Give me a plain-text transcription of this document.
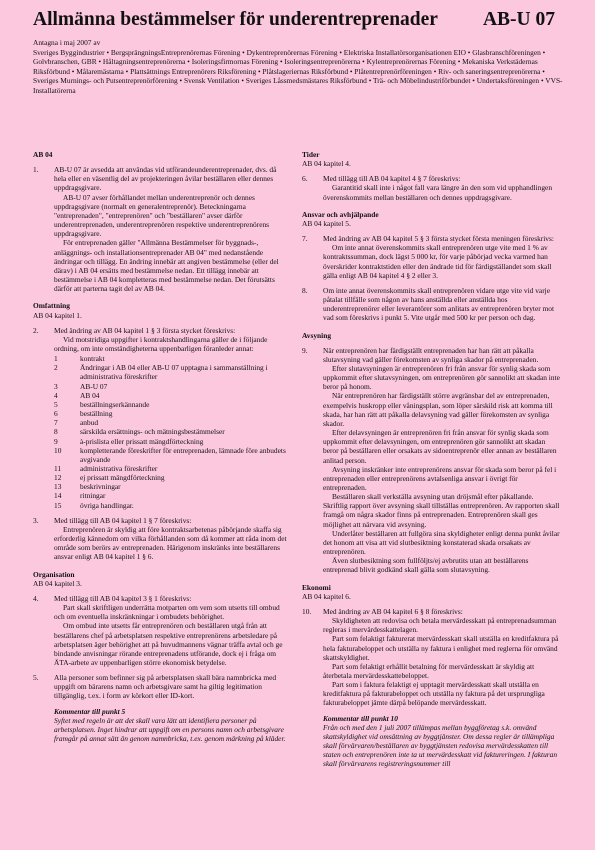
Allmänna bestämmelser för underentreprenader AB-U 07
Antagna i maj 2007 av
Sveriges Byggindustrier • BergsprängningsEntreprenörernas Förening • Dykentreprenörernas Förening • Elektriska Installatörsorganisationen EIO • Glasbranschföreningen • Golvbranschen, GBR • Håltagningsentreprenörerna • Isoleringsfirmornas Förening • Isoleringsentreprenörerna • Kylentreprenörernas Förening • Mekaniska Verkstädernas Riksförbund • Målaremästarna • Plattsättnings Entreprenörers Riksförening • Plåtslageriernas Riksförbund • Plåtentreprenörföreningen • Riv- och saneringsentreprenörerna • Sveriges Murnings- och Putsentreprenörförening • Svensk Ventilation • Sveriges Låssmedsmästares Riksförbund • Trä- och Möbelindustriförbundet • Undertaksföreningen • VVS-Installatörerna
AB 04
1. AB-U 07 är avsedda att användas vid utförandeunderentreprenader, dvs. då hela eller en väsentlig del av projekteringen åvilar beställaren eller dennes uppdragsgivare.
AB-U 07 avser förhållandet mellan underentreprenör och dennes uppdragsgivare (normalt en generalentreprenör). Beteckningarna "entreprenaden", "entreprenören" och "beställaren" avser därför underentreprenaden, underentreprenören respektive underentreprenörens uppdragsgivare.
För entreprenaden gäller "Allmänna Bestämmelser för byggnads-, anläggnings- och installationsentreprenader AB 04" med nedanstående ändringar och tillägg. En ändring innebär att angiven bestämmelse (eller del därav) i AB 04 ersätts med bestämmelse nedan. Ett tillägg innebär att bestämmelse i AB 04 kompletteras med bestämmelse nedan. Det förutsätts därför att parterna tagit del av AB 04.
Omfattning
AB 04 kapitel 1.
2. Med ändring av AB 04 kapitel 1 § 3 första stycket föreskrivs:
Vid motstridiga uppgifter i kontraktshandlingarna gäller de i följande ordning, om inte omständigheterna uppenbarligen föranleder annat:
1	kontrakt
2	Ändringar i AB 04 eller AB-U 07 upptagna i sammanställning i administrativa föreskrifter
3	AB-U 07
4	AB 04
5	beställningserkännande
6	beställning
7	anbud
8	särskilda ersättnings- och mätningsbestämmelser
9	à-prislista eller prissatt mängdförteckning
10	kompletterande föreskrifter för entreprenaden, lämnade före anbudets avgivande
11	administrativa föreskrifter
12	ej prissatt mängdförteckning
13	beskrivningar
14	ritningar
15	övriga handlingar.
3. Med tillägg till AB 04 kapitel 1 § 7 föreskrivs:
Entreprenören är skyldig att före kontraktsarbetenas påbörjande skaffa sig erforderlig kännedom om vilka förhållanden som då kommer att råda inom det område som berörs av entreprenaden. Härigenom inskränks inte beställarens ansvar enligt AB 04 kapitel 1 § 6.
Organisation
AB 04 kapitel 3.
4. Med tillägg till AB 04 kapitel 3 § 1 föreskrivs:
Part skall skriftligen underrätta motparten om vem som utsetts till ombud och om eventuella inskränkningar i ombudets behörighet.
Om ombud inte utsetts får entreprenören och beställaren utgå från att beställarens chef på arbetsplatsen respektive entreprenörens arbetsledare på arbetsplatsen äger behörighet att på huvudmannens vägnar träffa avtal och ge bindande anvisningar rörande entreprenadens utförande, dock ej i fråga om ÄTA-arbete av uppenbarligen större ekonomisk betydelse.
5. Alla personer som befinner sig på arbetsplatsen skall bära namnbricka med uppgift om bärarens namn och arbetsgivare samt ha giltig legitimation tillgänglig, t.ex. i form av körkort eller ID-kort.
Kommentar till punkt 5
Syftet med regeln är att det skall vara lätt att identifiera personer på arbetsplatsen. Inget hindrar att uppgift om en persons namn och arbetsgivare framgår på annat sätt än genom namnbricka, t.ex. genom märkning på kläder.
Tider
AB 04 kapitel 4.
6. Med tillägg till AB 04 kapitel 4 § 7 föreskrivs:
Garantitid skall inte i något fall vara längre än den som vid upphandlingen överenskommits mellan beställaren och dennes uppdragsgivare.
Ansvar och avhjälpande
AB 04 kapitel 5.
7. Med ändring av AB 04 kapitel 5 § 3 första stycket första meningen föreskrivs:
Om inte annat överenskommits skall entreprenören utge vite med 1 % av kontraktssumman, dock lägst 5 000 kr, för varje påbörjad vecka varmed han överskrider kontraktstiden eller den ändrade tid för färdigställandet som skall gälla enligt AB 04 kapitel 4 § 2 eller 3.
8. Om inte annat överenskommits skall entreprenören vidare utge vite vid varje påtalat tillfälle som någon av hans anställda eller anställda hos underentreprenörer eller leverantörer som anlitats av entreprenören bryter mot vad som föreskrivs i punkt 5. Vite utgår med 500 kr per person och dag.
Avsyning
9. När entreprenören har färdigställt entreprenaden har han rätt att påkalla slutavsyning vad gäller förekomsten av synliga skador på entreprenaden.
Efter slutavsyningen är entreprenören fri från ansvar för synlig skada som uppkommit efter slutavsyningen, om entreprenören gör sannolikt att skadan inte beror på honom.
När entreprenören har färdigställt större avgränsbar del av entreprenaden, exempelvis huskropp eller våningsplan, som löper särskild risk att komma till skada, har han rätt att påkalla delavsyning vad gäller förekomsten av synliga skador.
Efter delavsyningen är entreprenören fri från ansvar för synlig skada som uppkommit efter delavsyningen, om entreprenören gör sannolikt att skadan beror på beställaren eller orsakats av sidoentreprenör eller annan av beställaren anlitad person.
Avsyning inskränker inte entreprenörens ansvar för skada som beror på fel i entreprenaden eller entreprenörens avtalsenliga ansvar i övrigt för entreprenaden.
Beställaren skall verkställa avsyning utan dröjsmål efter påkallande. Skriftlig rapport över avsyning skall tillställas entreprenören. Av rapporten skall framgå om några skador finns på entreprenaden. Entreprenören skall ges möjlighet att närvara vid avsyning.
Underlåter beställaren att fullgöra sina skyldigheter enligt denna punkt åvilar det honom att visa att vid slutbesiktning konstaterad skada orsakats av entreprenören.
Även slutbesiktning som fullföljts/ej avbrutits utan att beställarens entreprenad blivit godkänd skall gälla som slutavsyning.
Ekonomi
AB 04 kapitel 6.
10. Med ändring av AB 04 kapitel 6 § 8 föreskrivs:
Skyldigheten att redovisa och betala mervärdesskatt på entreprenadsumman regleras i mervärdesskattelagen.
Part som felaktigt fakturerat mervärdesskatt skall utställa en kreditfaktura på hela fakturabeloppet och utställa ny faktura i enlighet med reglerna för omvänd skattskyldighet.
Part som felaktigt erhållit betalning för mervärdesskatt är skyldig att återbetala mervärdesskattebeloppet.
Part som i faktura felaktigt ej upptagit mervärdesskatt skall utställa en kreditfaktura på fakturabeloppet och utställa ny faktura på det ursprungliga fakturabeloppet jämte därpå belöpande mervärdesskatt.
Kommentar till punkt 10
Från och med den 1 juli 2007 tillämpas mellan byggföretag s.k. omvänd skattskyldighet vid omsättning av byggtjänster. Om dessa regler är tillämpliga skall förvärvaren/beställaren av byggtjänsten redovisa mervärdesskatten till staten och entreprenören inte ta ut mervärdesskatt vid faktureringen. I fakturan skall förvärvarens registreringsnummer till
